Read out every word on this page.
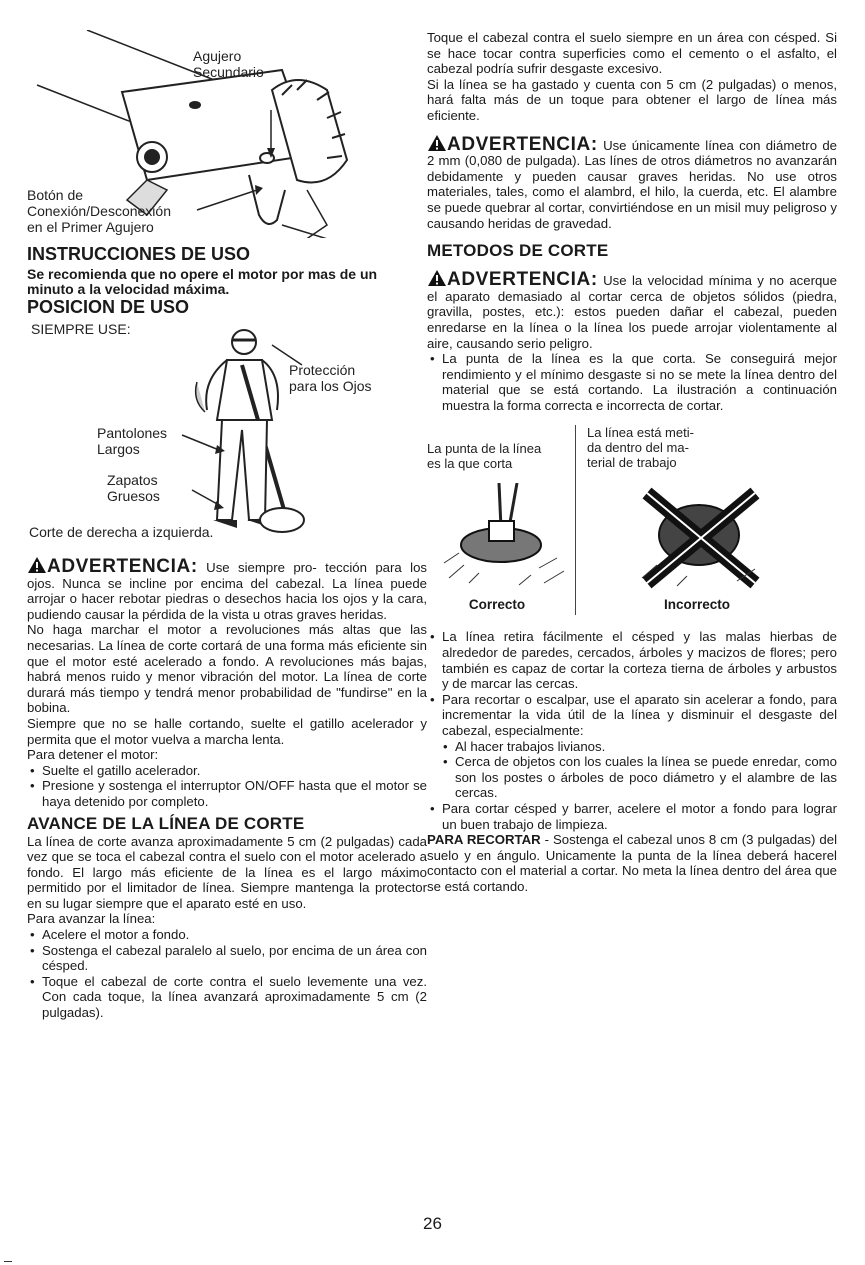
Agujero
Secundario
Botón de
Conexión/Desconexión
en el Primer Agujero
INSTRUCCIONES DE USO
Se recomienda que no opere el motor por mas de un minuto a la velocidad máxima.
POSICION DE USO
SIEMPRE USE:
Protección
para los Ojos
Pantolones
Largos
Zapatos
Gruesos
Corte de derecha a izquierda.

ADVERTENCIA: Use siempre pro- tección para los ojos. Nunca se incline por encima del cabezal. La línea puede arrojar o hacer rebotar piedras o desechos hacia los ojos y la cara, pudiendo causar la pérdida de la vista u otras graves heridas.

No haga marchar el motor a revoluciones más altas que las necesarias. La línea de corte cortará de una forma más eficiente sin que el motor esté acelerado a fondo. A revoluciones más bajas, habrá menos ruido y menor vibración del motor. La línea de corte durará más tiempo y tendrá menor probabilidad de "fundirse" en la bobina.

Siempre que no se halle cortando, suelte el gatillo acelerador y permita que el motor vuelva a marcha lenta.

Para detener el motor:

• Suelte el gatillo acelerador.
• Presione y sostenga el interruptor ON/OFF hasta que el motor se haya detenido por completo.
AVANCE DE LA LÍNEA DE CORTE

La línea de corte avanza aproximadamente 5 cm (2 pulgadas) cada vez que se toca el cabezal contra el suelo con el motor acelerado a fondo. El largo más eficiente de la línea es el largo máximo permitido por el limitador de línea. Siempre mantenga la protector en su lugar siempre que el aparato esté en uso.

Para avanzar la línea:

• Acelere el motor a fondo.
• Sostenga el cabezal paralelo al suelo, por encima de un área con césped.
• Toque el cabezal de corte contra el suelo levemente una vez. Con cada toque, la línea avanzará aproximadamente 5 cm (2 pulgadas).

Toque el cabezal contra el suelo siempre en un área con césped. Si se hace tocar contra superficies como el cemento o el asfalto, el cabezal podría sufrir desgaste excesivo.

Si la línea se ha gastado y cuenta con 5 cm (2 pulgadas) o menos, hará falta más de un toque para obtener el largo de línea más eficiente.

ADVERTENCIA: Use únicamente línea con diámetro de 2 mm (0,080 de pulgada). Las línes de otros diámetros no avanzarán debidamente y pueden causar graves heridas. No use otros materiales, tales, como el alambrd, el hilo, la cuerda, etc. El alambre se puede quebrar al cortar, convirtiéndose en un misil muy peligroso y causando heridas de gravedad.

METODOS DE CORTE

ADVERTENCIA: Use la velocidad mínima y no acerque el aparato demasiado al cortar cerca de objetos sólidos (piedra, gravilla, postes, etc.): estos pueden dañar el cabezal, pueden enredarse en la línea o la línea los puede arrojar violentamente al aire, causando serio peligro.

• La punta de la línea es la que corta. Se conseguirá mejor rendimiento y el mínimo desgaste si no se mete la línea dentro del material que se está cortando. La ilustración a continuación muestra la forma correcta e incorrecta de cortar.
La punta de la línea
es la que corta
La línea está meti-
da dentro del ma-
terial de trabajo
Correcto	Incorrecto
• La línea retira fácilmente el césped y las malas hierbas de alrededor de paredes, cercados, árboles y macizos de flores; pero también es capaz de cortar la corteza tierna de árboles y arbustos y de marcar las cercas.
• Para recortar o escalpar, use el aparato sin acelerar a fondo, para incrementar la vida útil de la línea y disminuir el desgaste del cabezal, especialmente:
• Al hacer trabajos livianos.
• Cerca de objetos con los cuales la línea se puede enredar, como son los postes o árboles de poco diámetro y el alambre de las cercas.
• Para cortar césped y barrer, acelere el motor a fondo para lograr un buen trabajo de limpieza.

PARA RECORTAR - Sostenga el cabezal unos 8 cm (3 pulgadas) del suelo y en ángulo. Unicamente la punta de la línea deberá hacerel contacto con el material a cortar. No meta la línea dentro del área que se está cortando.

26
